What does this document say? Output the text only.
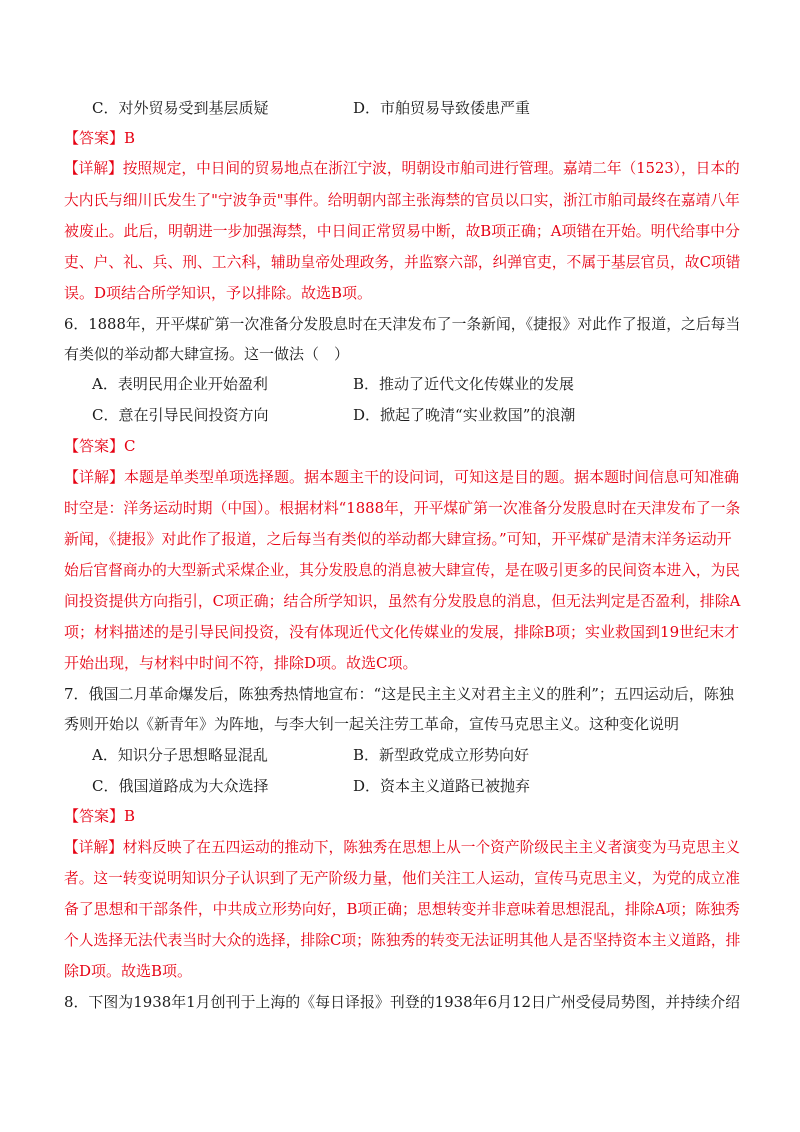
C．对外贸易受到基层质疑	D．市舶贸易导致倭患严重
【答案】B
【详解】按照规定，中日间的贸易地点在浙江宁波，明朝设市舶司进行管理。嘉靖二年（1523），日本的
大内氏与细川氏发生了"宁波争贡"事件。给明朝内部主张海禁的官员以口实，浙江市舶司最终在嘉靖八年
被废止。此后，明朝进一步加强海禁，中日间正常贸易中断，故B项正确；A项错在开始。明代给事中分
吏、户、礼、兵、刑、工六科，辅助皇帝处理政务，并监察六部，纠弹官吏，不属于基层官员，故C项错
误。D项结合所学知识，予以排除。故选B项。
6．1888年，开平煤矿第一次准备分发股息时在天津发布了一条新闻，《捷报》对此作了报道，之后每当
有类似的举动都大肆宣扬。这一做法（　）
A．表明民用企业开始盈利	B．推动了近代文化传媒业的发展
C．意在引导民间投资方向	D．掀起了晚清“实业救国”的浪潮
【答案】C
【详解】本题是单类型单项选择题。据本题主干的设问词，可知这是目的题。据本题时间信息可知准确
时空是：洋务运动时期（中国）。根据材料“1888年，开平煤矿第一次准备分发股息时在天津发布了一条
新闻，《捷报》对此作了报道，之后每当有类似的举动都大肆宣扬。”可知，开平煤矿是清末洋务运动开
始后官督商办的大型新式采煤企业，其分发股息的消息被大肆宣传，是在吸引更多的民间资本进入，为民
间投资提供方向指引，C项正确；结合所学知识，虽然有分发股息的消息，但无法判定是否盈利，排除A
项；材料描述的是引导民间投资，没有体现近代文化传媒业的发展，排除B项；实业救国到19世纪末才
开始出现，与材料中时间不符，排除D项。故选C项。
7．俄国二月革命爆发后，陈独秀热情地宣布：“这是民主主义对君主主义的胜利”；五四运动后，陈独
秀则开始以《新青年》为阵地，与李大钊一起关注劳工革命，宣传马克思主义。这种变化说明
A．知识分子思想略显混乱	B．新型政党成立形势向好
C．俄国道路成为大众选择	D．资本主义道路已被抛弃
【答案】B
【详解】材料反映了在五四运动的推动下，陈独秀在思想上从一个资产阶级民主主义者演变为马克思主义
者。这一转变说明知识分子认识到了无产阶级力量，他们关注工人运动，宣传马克思主义，为党的成立准
备了思想和干部条件，中共成立形势向好，B项正确；思想转变并非意味着思想混乱，排除A项；陈独秀
个人选择无法代表当时大众的选择，排除C项；陈独秀的转变无法证明其他人是否坚持资本主义道路，排
除D项。故选B项。
8．下图为1938年1月创刊于上海的《每日译报》刊登的1938年6月12日广州受侵局势图，并持续介绍
